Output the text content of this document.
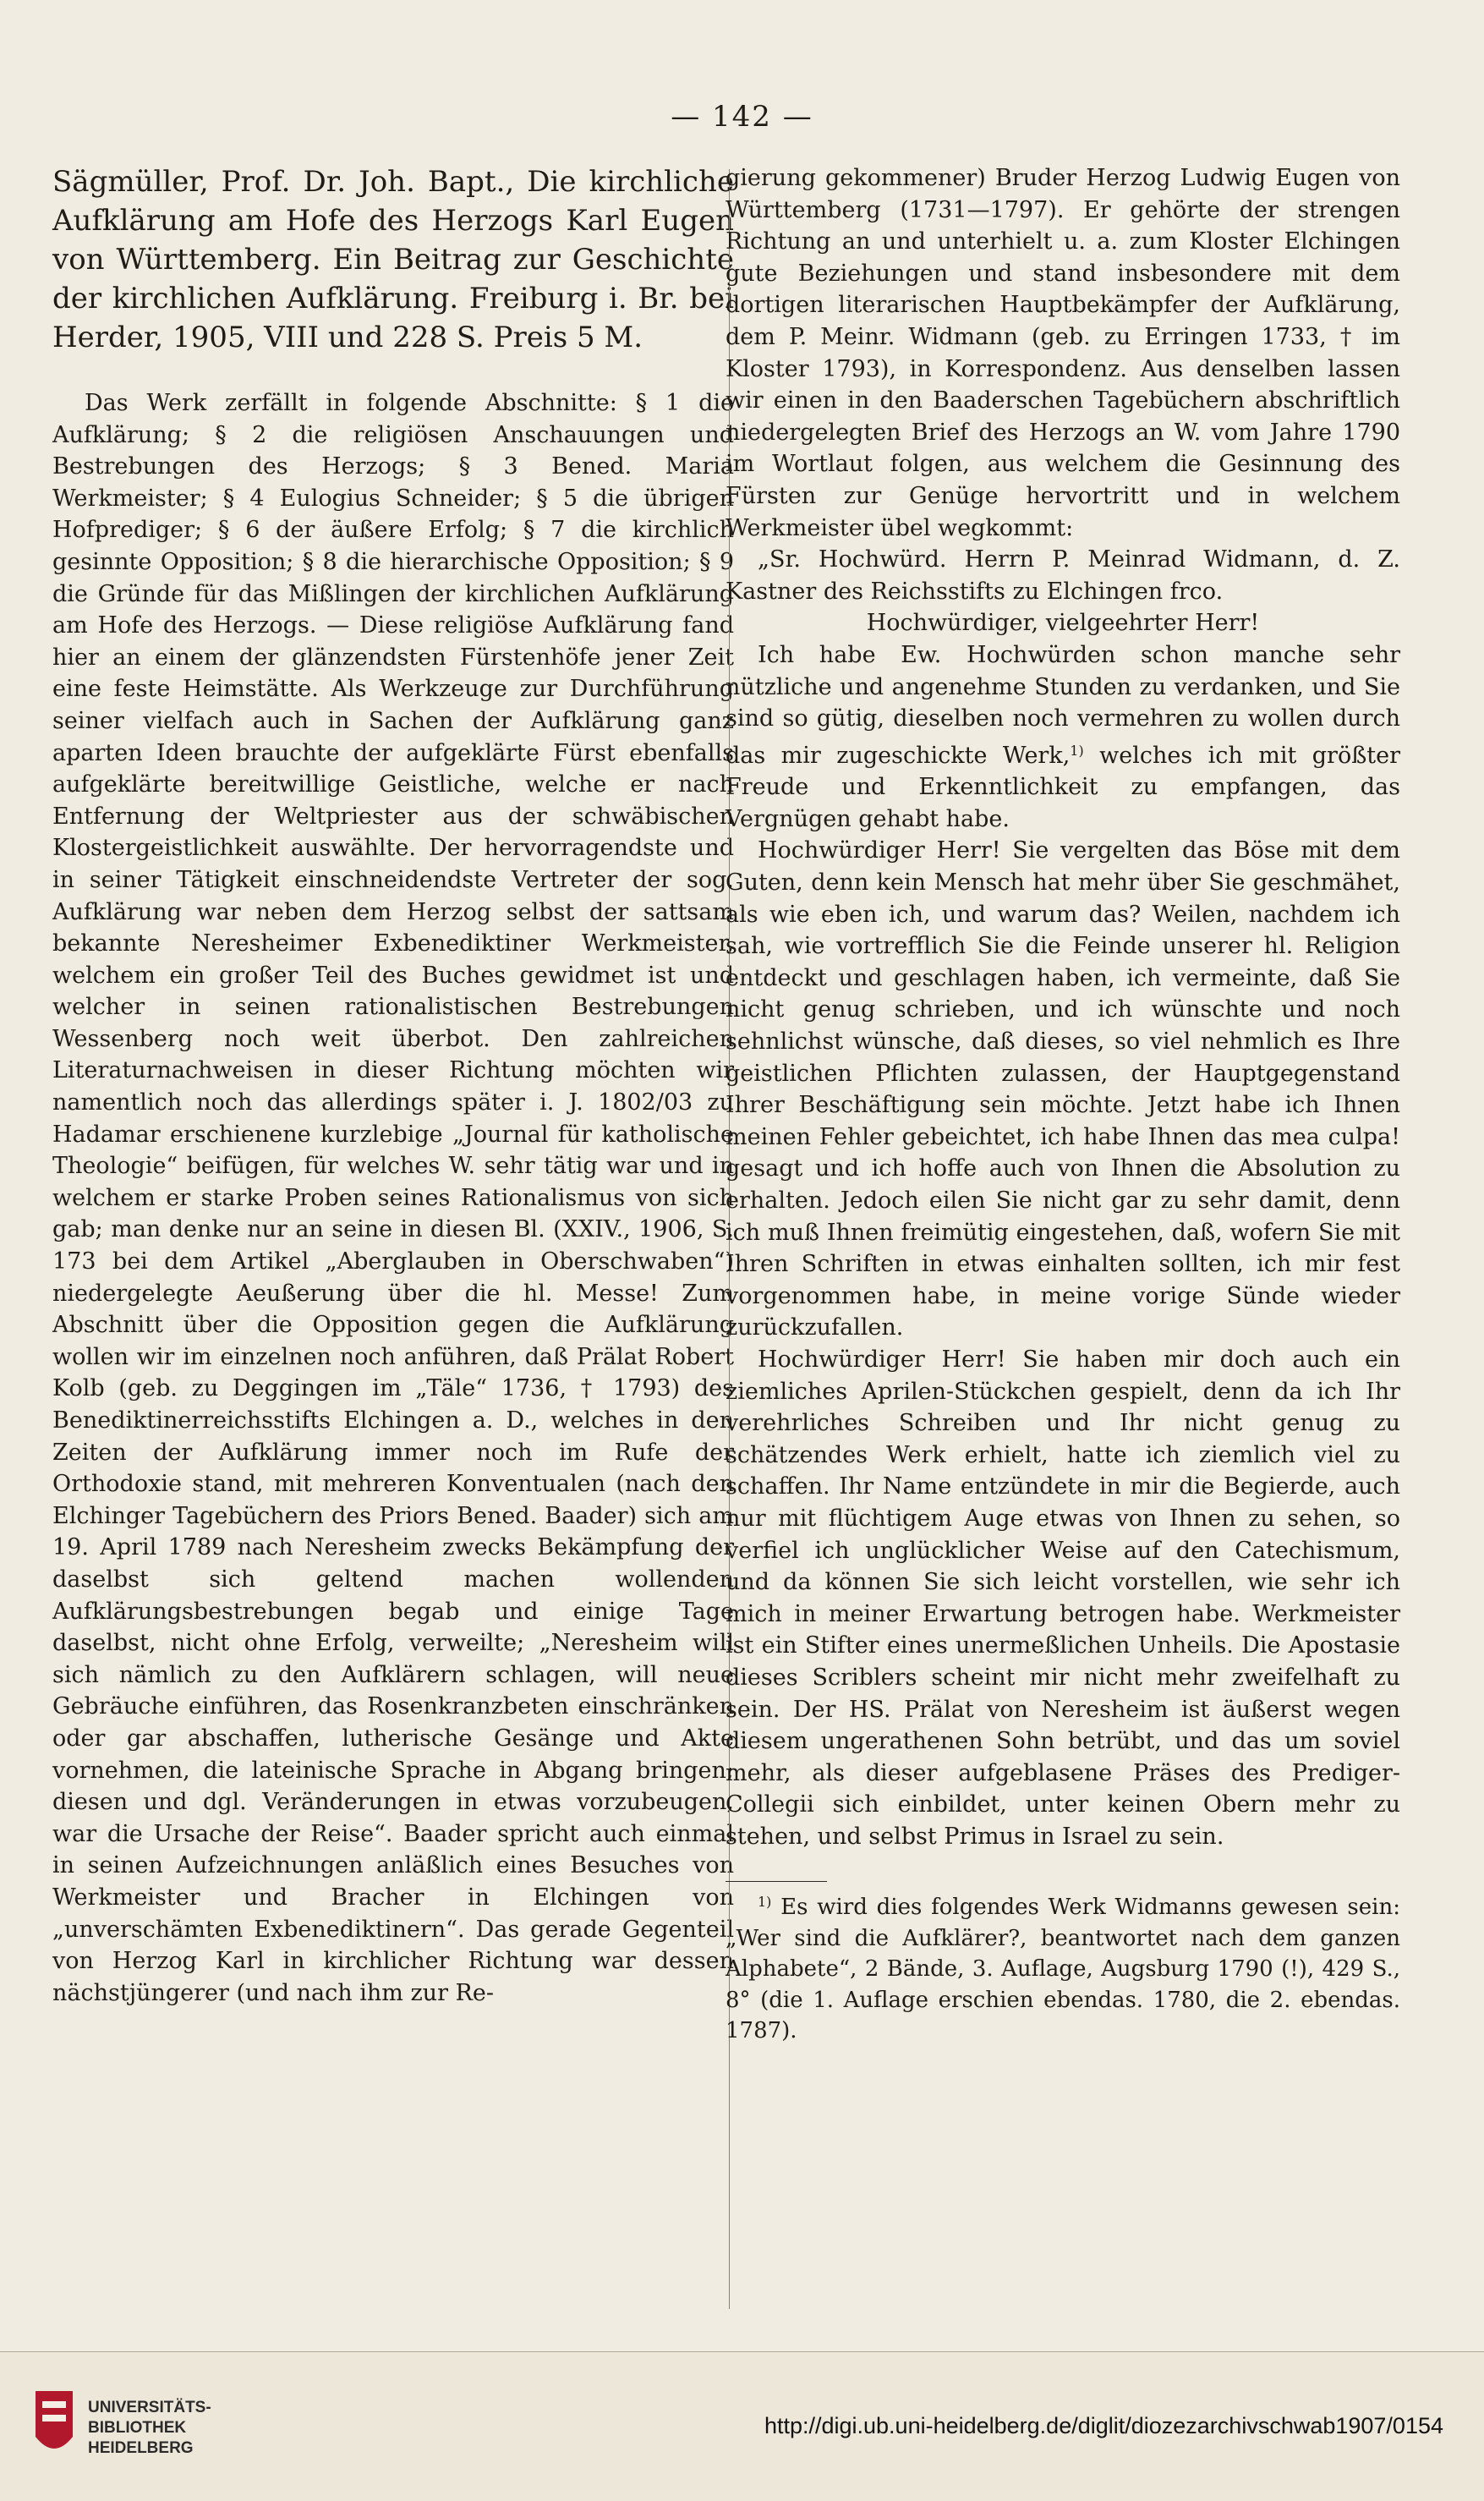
— 142 —

Sägmüller, Prof. Dr. Joh. Bapt., Die kirchliche Aufklärung am Hofe des Herzogs Karl Eugen von Württemberg. Ein Beitrag zur Geschichte der kirchlichen Aufklärung. Freiburg i. Br. bei Herder, 1905, VIII und 228 S. Preis 5 M.

Das Werk zerfällt in folgende Abschnitte: § 1 die Aufklärung; § 2 die religiösen Anschauungen und Bestrebungen des Herzogs; § 3 Bened. Maria Werkmeister; § 4 Eulogius Schneider; § 5 die übrigen Hofprediger; § 6 der äußere Erfolg; § 7 die kirchlich gesinnte Opposition; § 8 die hierarchische Opposition; § 9 die Gründe für das Mißlingen der kirchlichen Aufklärung am Hofe des Herzogs. — Diese religiöse Aufklärung fand hier an einem der glänzendsten Fürstenhöfe jener Zeit eine feste Heimstätte. Als Werkzeuge zur Durchführung seiner vielfach auch in Sachen der Aufklärung ganz aparten Ideen brauchte der aufgeklärte Fürst ebenfalls aufgeklärte bereitwillige Geistliche, welche er nach Entfernung der Weltpriester aus der schwäbischen Klostergeistlichkeit auswählte. Der hervorragendste und in seiner Tätigkeit einschneidendste Vertreter der sog. Aufklärung war neben dem Herzog selbst der sattsam bekannte Neresheimer Exbenediktiner Werkmeister, welchem ein großer Teil des Buches gewidmet ist und welcher in seinen rationalistischen Bestrebungen Wessenberg noch weit überbot. Den zahlreichen Literaturnachweisen in dieser Richtung möchten wir namentlich noch das allerdings später i. J. 1802/03 zu Hadamar erschienene kurzlebige „Journal für katholische Theologie“ beifügen, für welches W. sehr tätig war und in welchem er starke Proben seines Rationalismus von sich gab; man denke nur an seine in diesen Bl. (XXIV., 1906, S. 173 bei dem Artikel „Aberglauben in Oberschwaben“) niedergelegte Aeußerung über die hl. Messe! Zum Abschnitt über die Opposition gegen die Aufklärung wollen wir im einzelnen noch anführen, daß Prälat Robert Kolb (geb. zu Deggingen im „Täle“ 1736, † 1793) des Benediktinerreichsstifts Elchingen a. D., welches in den Zeiten der Aufklärung immer noch im Rufe der Orthodoxie stand, mit mehreren Konventualen (nach den Elchinger Tagebüchern des Priors Bened. Baader) sich am 19. April 1789 nach Neresheim zwecks Bekämpfung der daselbst sich geltend machen wollenden Aufklärungsbestrebungen begab und einige Tage daselbst, nicht ohne Erfolg, verweilte; „Neresheim will sich nämlich zu den Aufklärern schlagen, will neue Gebräuche einführen, das Rosenkranzbeten einschränken oder gar abschaffen, lutherische Gesänge und Akte vornehmen, die lateinische Sprache in Abgang bringen; diesen und dgl. Veränderungen in etwas vorzubeugen, war die Ursache der Reise“. Baader spricht auch einmal in seinen Aufzeichnungen anläßlich eines Besuches von Werkmeister und Bracher in Elchingen von „unverschämten Exbenediktinern“. Das gerade Gegenteil von Herzog Karl in kirchlicher Richtung war dessen nächstjüngerer (und nach ihm zur Re-

gierung gekommener) Bruder Herzog Ludwig Eugen von Württemberg (1731—1797). Er gehörte der strengen Richtung an und unterhielt u. a. zum Kloster Elchingen gute Beziehungen und stand insbesondere mit dem dortigen literarischen Hauptbekämpfer der Aufklärung, dem P. Meinr. Widmann (geb. zu Erringen 1733, † im Kloster 1793), in Korrespondenz. Aus denselben lassen wir einen in den Baaderschen Tagebüchern abschriftlich niedergelegten Brief des Herzogs an W. vom Jahre 1790 im Wortlaut folgen, aus welchem die Gesinnung des Fürsten zur Genüge hervortritt und in welchem Werkmeister übel wegkommt:

„Sr. Hochwürd. Herrn P. Meinrad Widmann, d. Z. Kastner des Reichsstifts zu Elchingen frco.

Hochwürdiger, vielgeehrter Herr!

Ich habe Ew. Hochwürden schon manche sehr nützliche und angenehme Stunden zu verdanken, und Sie sind so gütig, dieselben noch vermehren zu wollen durch das mir zugeschickte Werk,$^{1)}$ welches ich mit größter Freude und Erkenntlichkeit zu empfangen, das Vergnügen gehabt habe.

Hochwürdiger Herr! Sie vergelten das Böse mit dem Guten, denn kein Mensch hat mehr über Sie geschmähet, als wie eben ich, und warum das? Weilen, nachdem ich sah, wie vortrefflich Sie die Feinde unserer hl. Religion entdeckt und geschlagen haben, ich vermeinte, daß Sie nicht genug schrieben, und ich wünschte und noch sehnlichst wünsche, daß dieses, so viel nehmlich es Ihre geistlichen Pflichten zulassen, der Hauptgegenstand Ihrer Beschäftigung sein möchte. Jetzt habe ich Ihnen meinen Fehler gebeichtet, ich habe Ihnen das mea culpa! gesagt und ich hoffe auch von Ihnen die Absolution zu erhalten. Jedoch eilen Sie nicht gar zu sehr damit, denn ich muß Ihnen freimütig eingestehen, daß, wofern Sie mit Ihren Schriften in etwas einhalten sollten, ich mir fest vorgenommen habe, in meine vorige Sünde wieder zurückzufallen.

Hochwürdiger Herr! Sie haben mir doch auch ein ziemliches Aprilen-Stückchen gespielt, denn da ich Ihr verehrliches Schreiben und Ihr nicht genug zu schätzendes Werk erhielt, hatte ich ziemlich viel zu schaffen. Ihr Name entzündete in mir die Begierde, auch nur mit flüchtigem Auge etwas von Ihnen zu sehen, so verfiel ich unglücklicher Weise auf den Catechismum, und da können Sie sich leicht vorstellen, wie sehr ich mich in meiner Erwartung betrogen habe. Werkmeister ist ein Stifter eines unermeßlichen Unheils. Die Apostasie dieses Scriblers scheint mir nicht mehr zweifelhaft zu sein. Der HS. Prälat von Neresheim ist äußerst wegen diesem ungerathenen Sohn betrübt, und das um soviel mehr, als dieser aufgeblasene Präses des Prediger-Collegii sich einbildet, unter keinen Obern mehr zu stehen, und selbst Primus in Israel zu sein.

$^{1)}$ Es wird dies folgendes Werk Widmanns gewesen sein: „Wer sind die Aufklärer?, beantwortet nach dem ganzen Alphabete“, 2 Bände, 3. Auflage, Augsburg 1790 (!), 429 S., 8° (die 1. Auflage erschien ebendas. 1780, die 2. ebendas. 1787).

UNIVERSITÄTS-
BIBLIOTHEK
HEIDELBERG
http://digi.ub.uni-heidelberg.de/diglit/diozezarchivschwab1907/0154
